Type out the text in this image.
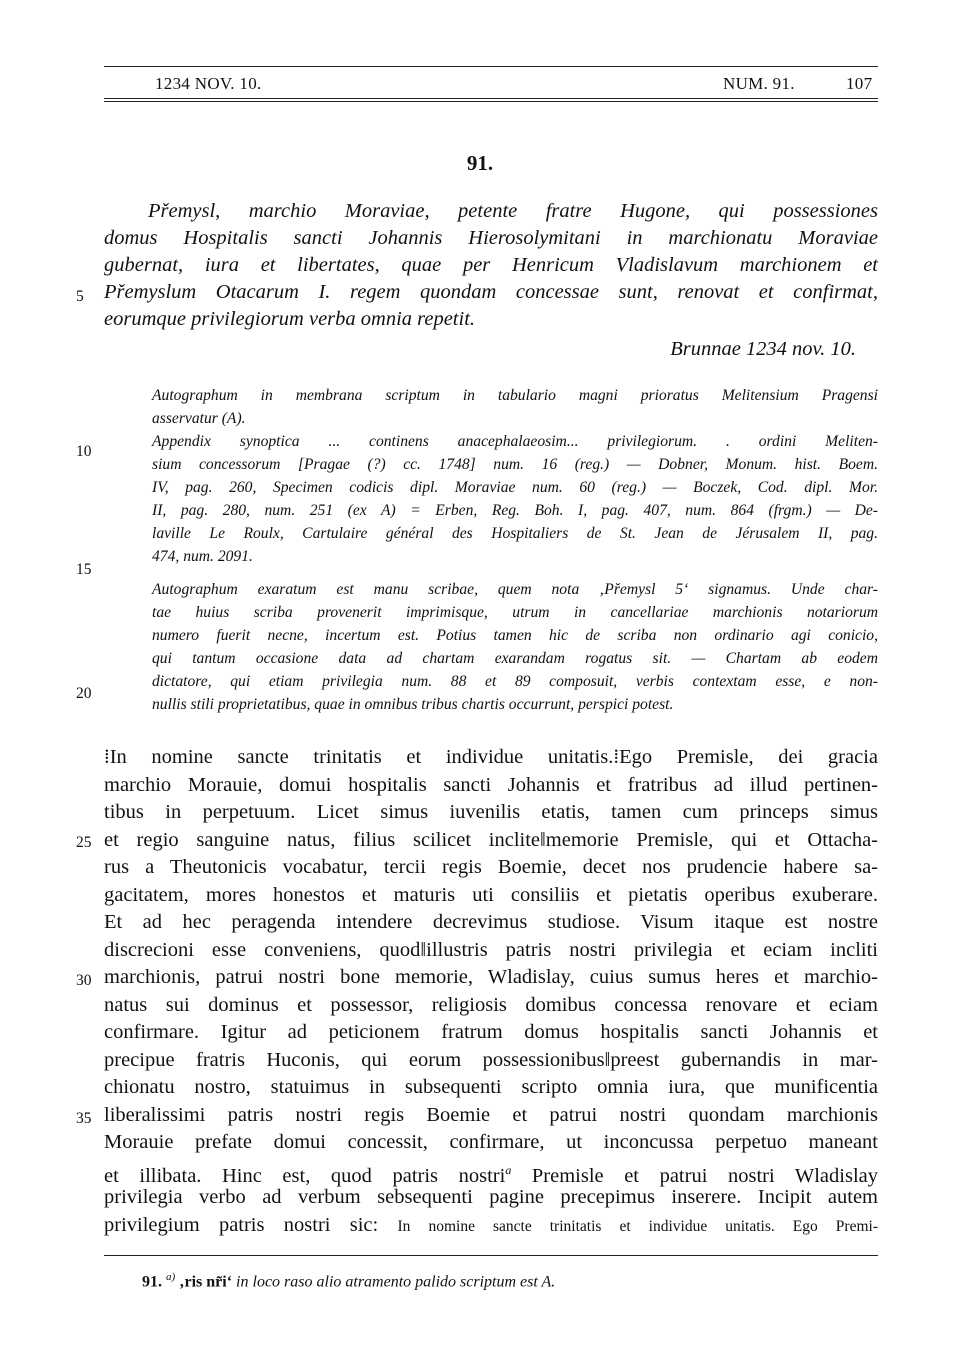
1234 NOV. 10.	NUM. 91.	107
91.
Přemysl, marchio Moraviae, petente fratre Hugone, qui possessiones
domus Hospitalis sancti Johannis Hierosolymitani in marchionatu Moraviae
gubernat, iura et libertates, quae per Henricum Vladislavum marchionem et
Přemyslum Otacarum I. regem quondam concessae sunt, renovat et confirmat,
eorumque privilegiorum verba omnia repetit.
Brunnae 1234 nov. 10.
Autographum in membrana scriptum in tabulario magni prioratus Melitensium Pragensi
asservatur (A).
Appendix synoptica ... continens anacephalaeosim... privilegiorum. . ordini Meliten-
sium concessorum [Pragae (?) cc. 1748] num. 16 (reg.) — Dobner, Monum. hist. Boem.
IV, pag. 260, Specimen codicis dipl. Moraviae num. 60 (reg.) — Boczek, Cod. dipl. Mor.
II, pag. 280, num. 251 (ex A) = Erben, Reg. Boh. I, pag. 407, num. 864 (frgm.) — De-
laville Le Roulx, Cartulaire général des Hospitaliers de St. Jean de Jérusalem II, pag.
474, num. 2091.
Autographum exaratum est manu scribae, quem nota ‚Přemysl 5‘ signamus. Unde char-
tae huius scriba provenerit imprimisque, utrum in cancellariae marchionis notariorum
numero fuerit necne, incertum est. Potius tamen hic de scriba non ordinario agi conicio,
qui tantum occasione data ad chartam exarandam rogatus sit. — Chartam ab eodem
dictatore, qui etiam privilegia num. 88 et 89 composuit, verbis contextam esse, e non-
nullis stili proprietatibus, quae in omnibus tribus chartis occurrunt, perspici potest.
⁞In nomine sancte trinitatis et individue unitatis.⁞Ego Premisle, dei gracia
marchio Morauie, domui hospitalis sancti Johannis et fratribus ad illud pertinen-
tibus in perpetuum. Licet simus iuvenilis etatis, tamen cum princeps simus
et regio sanguine natus, filius scilicet inclite‖memorie Premisle, qui et Ottacha-
rus a Theutonicis vocabatur, tercii regis Boemie, decet nos prudencie habere sa-
gacitatem, mores honestos et maturis uti consiliis et pietatis operibus exuberare.
Et ad hec peragenda intendere decrevimus studiose. Visum itaque est nostre
discrecioni esse conveniens, quod‖illustris patris nostri privilegia et eciam incliti
marchionis, patrui nostri bone memorie, Wladislay, cuius sumus heres et marchio-
natus sui dominus et possessor, religiosis domibus concessa renovare et eciam
confirmare. Igitur ad peticionem fratrum domus hospitalis sancti Johannis et
precipue fratris Huconis, qui eorum possessionibus‖preest gubernandis in mar-
chionatu nostro, statuimus in subsequenti scripto omnia iura, que munificentia
liberalissimi patris nostri regis Boemie et patrui nostri quondam marchionis
Morauie prefate domui concessit, confirmare, ut inconcussa perpetuo maneant
et illibata. Hinc est, quod patris nostri$^a$ Premisle et patrui nostri Wladislay
privilegia verbo ad verbum sebsequenti pagine precepimus inserere. Incipit autem
privilegium patris nostri sic: In nomine sancte trinitatis et individue unitatis. Ego Premi-
5
10
15
20
25
30
35
91. $^{a)}$ ‚ris nr̃i‘ in loco raso alio atramento palido scriptum est A.
